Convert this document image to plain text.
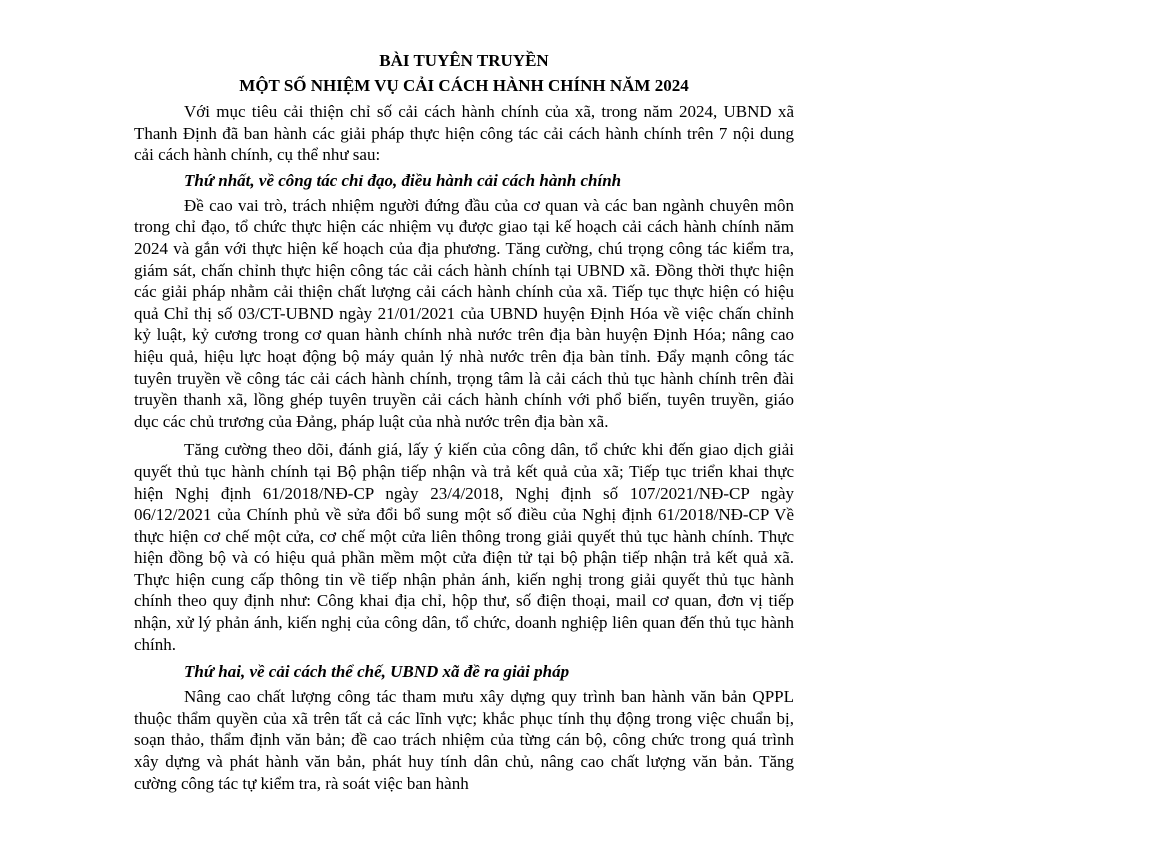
BÀI TUYÊN TRUYỀN
MỘT SỐ NHIỆM VỤ CẢI CÁCH HÀNH CHÍNH NĂM 2024

Với mục tiêu cải thiện chỉ số cải cách hành chính của xã, trong năm 2024, UBND xã Thanh Định đã ban hành các giải pháp thực hiện công tác cải cách hành chính trên 7 nội dung cải cách hành chính, cụ thể như sau:

Thứ nhất, về công tác chỉ đạo, điều hành cải cách hành chính

Đề cao vai trò, trách nhiệm người đứng đầu của cơ quan và các ban ngành chuyên môn trong chỉ đạo, tổ chức thực hiện các nhiệm vụ được giao tại kế hoạch cải cách hành chính năm 2024 và gắn với thực hiện kế hoạch của địa phương. Tăng cường, chú trọng công tác kiểm tra, giám sát, chấn chỉnh thực hiện công tác cải cách hành chính tại UBND xã. Đồng thời thực hiện các giải pháp nhằm cải thiện chất lượng cải cách hành chính của xã. Tiếp tục thực hiện có hiệu quả Chỉ thị số 03/CT-UBND ngày 21/01/2021 của UBND huyện Định Hóa về việc chấn chỉnh kỷ luật, kỷ cương trong cơ quan hành chính nhà nước trên địa bàn huyện Định Hóa; nâng cao hiệu quả, hiệu lực hoạt động bộ máy quản lý nhà nước trên địa bàn tỉnh. Đẩy mạnh công tác tuyên truyền về công tác cải cách hành chính, trọng tâm là cải cách thủ tục hành chính trên đài truyền thanh xã, lồng ghép tuyên truyền cải cách hành chính với phổ biến, tuyên truyền, giáo dục các chủ trương của Đảng, pháp luật của nhà nước trên địa bàn xã.

Tăng cường theo dõi, đánh giá, lấy ý kiến của công dân, tổ chức khi đến giao dịch giải quyết thủ tục hành chính tại Bộ phận tiếp nhận và trả kết quả của xã; Tiếp tục triển khai thực hiện Nghị định 61/2018/NĐ-CP ngày 23/4/2018, Nghị định số 107/2021/NĐ-CP ngày 06/12/2021 của Chính phủ về sửa đổi bổ sung một số điều của Nghị định 61/2018/NĐ-CP Về thực hiện cơ chế một cửa, cơ chế một cửa liên thông trong giải quyết thủ tục hành chính. Thực hiện đồng bộ và có hiệu quả phần mềm một cửa điện tử tại bộ phận tiếp nhận trả kết quả xã. Thực hiện cung cấp thông tin về tiếp nhận phản ánh, kiến nghị trong giải quyết thủ tục hành chính theo quy định như: Công khai địa chỉ, hộp thư, số điện thoại, mail cơ quan, đơn vị tiếp nhận, xử lý phản ánh, kiến nghị của công dân, tổ chức, doanh nghiệp liên quan đến thủ tục hành chính.

Thứ hai, về cải cách thể chế, UBND xã đề ra giải pháp

Nâng cao chất lượng công tác tham mưu xây dựng quy trình ban hành văn bản QPPL thuộc thẩm quyền của xã trên tất cả các lĩnh vực; khắc phục tính thụ động trong việc chuẩn bị, soạn thảo, thẩm định văn bản; đề cao trách nhiệm của từng cán bộ, công chức trong quá trình xây dựng và phát hành văn bản, phát huy tính dân chủ, nâng cao chất lượng văn bản. Tăng cường công tác tự kiểm tra, rà soát việc ban hành
